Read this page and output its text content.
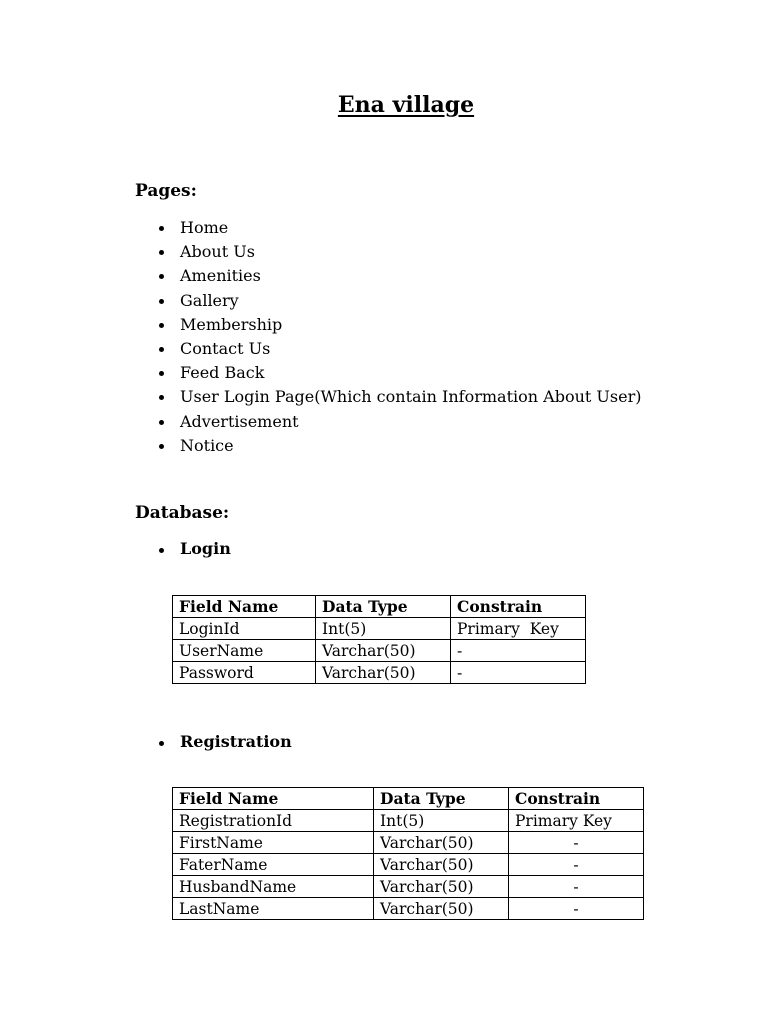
Ena village
Pages:
Home
About Us
Amenities
Gallery
Membership
Contact Us
Feed Back
User Login Page(Which contain Information About User)
Advertisement
Notice
Database:
Login
Field Name	Data Type	Constrain
LoginId	Int(5)	Primary  Key
UserName	Varchar(50)	-
Password	Varchar(50)	-
Registration
Field Name	Data Type	Constrain
RegistrationId	Int(5)	Primary Key
FirstName	Varchar(50)	-
FaterName	Varchar(50)	-
HusbandName	Varchar(50)	-
LastName	Varchar(50)	-
